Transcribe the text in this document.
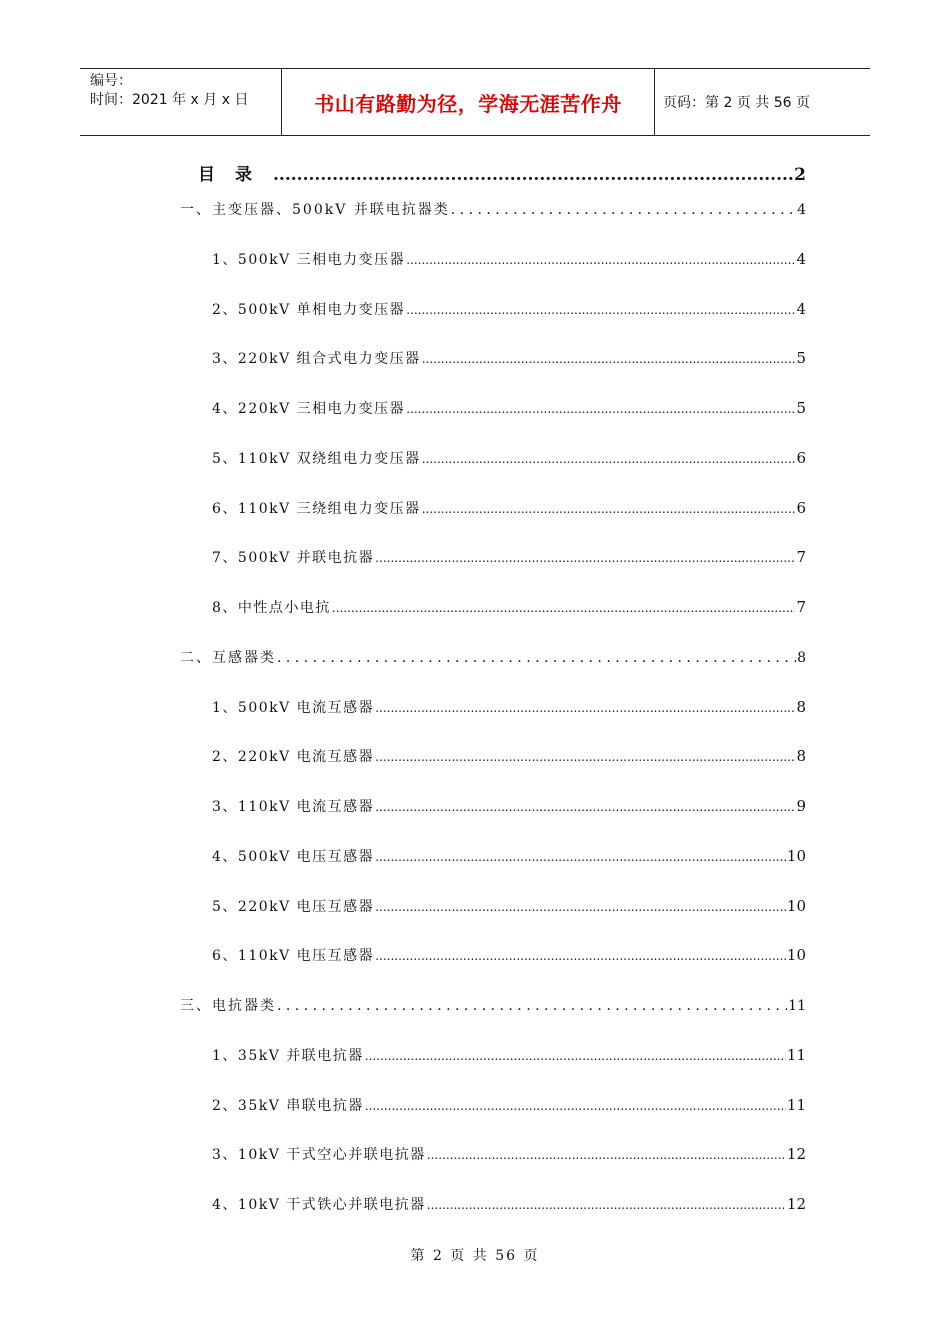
编号：
时间：2021 年 x 月 x 日	书山有路勤为径，学海无涯苦作舟	页码：第 2 页 共 56 页
目录 .....	2
一、主变压器、500kV 并联电抗器类 . . .	4
1、500kV 三相电力变压器 .....	4
2、500kV 单相电力变压器 .....	4
3、220kV 组合式电力变压器 .....	5
4、220kV 三相电力变压器 .....	5
5、110kV 双绕组电力变压器 .....	6
6、110kV 三绕组电力变压器 .....	6
7、500kV 并联电抗器 .....	7
8、中性点小电抗 .....	7
二、互感器类 . . .	8
1、500kV 电流互感器 .....	8
2、220kV 电流互感器 .....	8
3、110kV 电流互感器 .....	9
4、500kV 电压互感器 .....	10
5、220kV 电压互感器 .....	10
6、110kV 电压互感器 .....	10
三、电抗器类 . . .	11
1、35kV 并联电抗器 .....	11
2、35kV 串联电抗器 .....	11
3、10kV 干式空心并联电抗器 .....	12
4、10kV 干式铁心并联电抗器 .....	12
第 2 页 共 56 页
